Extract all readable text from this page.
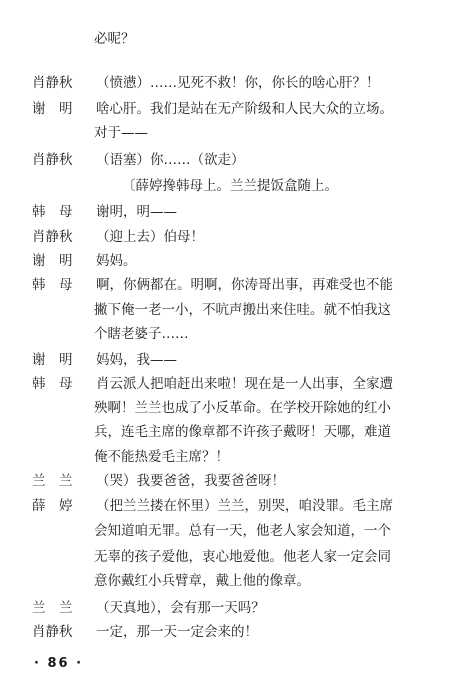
必呢？
肖静秋	（愤懑）……见死不救！你，你长的啥心肝？！
谢　明	啥心肝。我们是站在无产阶级和人民大众的立场。
对于——
肖静秋	（语塞）你……（欲走）
〔薛婷搀韩母上。兰兰提饭盒随上。
韩　母	谢明，明——
肖静秋	（迎上去）伯母！
谢　明	妈妈。
韩　母	啊，你俩都在。明啊，你涛哥出事，再难受也不能
撇下俺一老一小，不吭声搬出来住哇。就不怕我这
个瞎老婆子……
谢　明	妈妈，我——
韩　母	肖云派人把咱赶出来啦！现在是一人出事，全家遭
殃啊！兰兰也成了小反革命。在学校开除她的红小
兵，连毛主席的像章都不许孩子戴呀！天哪，难道
俺不能热爱毛主席？！
兰　兰	（哭）我要爸爸，我要爸爸呀！
薛　婷	（把兰兰搂在怀里）兰兰，别哭，咱没罪。毛主席
会知道咱无罪。总有一天，他老人家会知道，一个
无辜的孩子爱他，衷心地爱他。他老人家一定会同
意你戴红小兵臂章，戴上他的像章。
兰　兰	（天真地），会有那一天吗？
肖静秋	一定，那一天一定会来的！
· 86 ·
